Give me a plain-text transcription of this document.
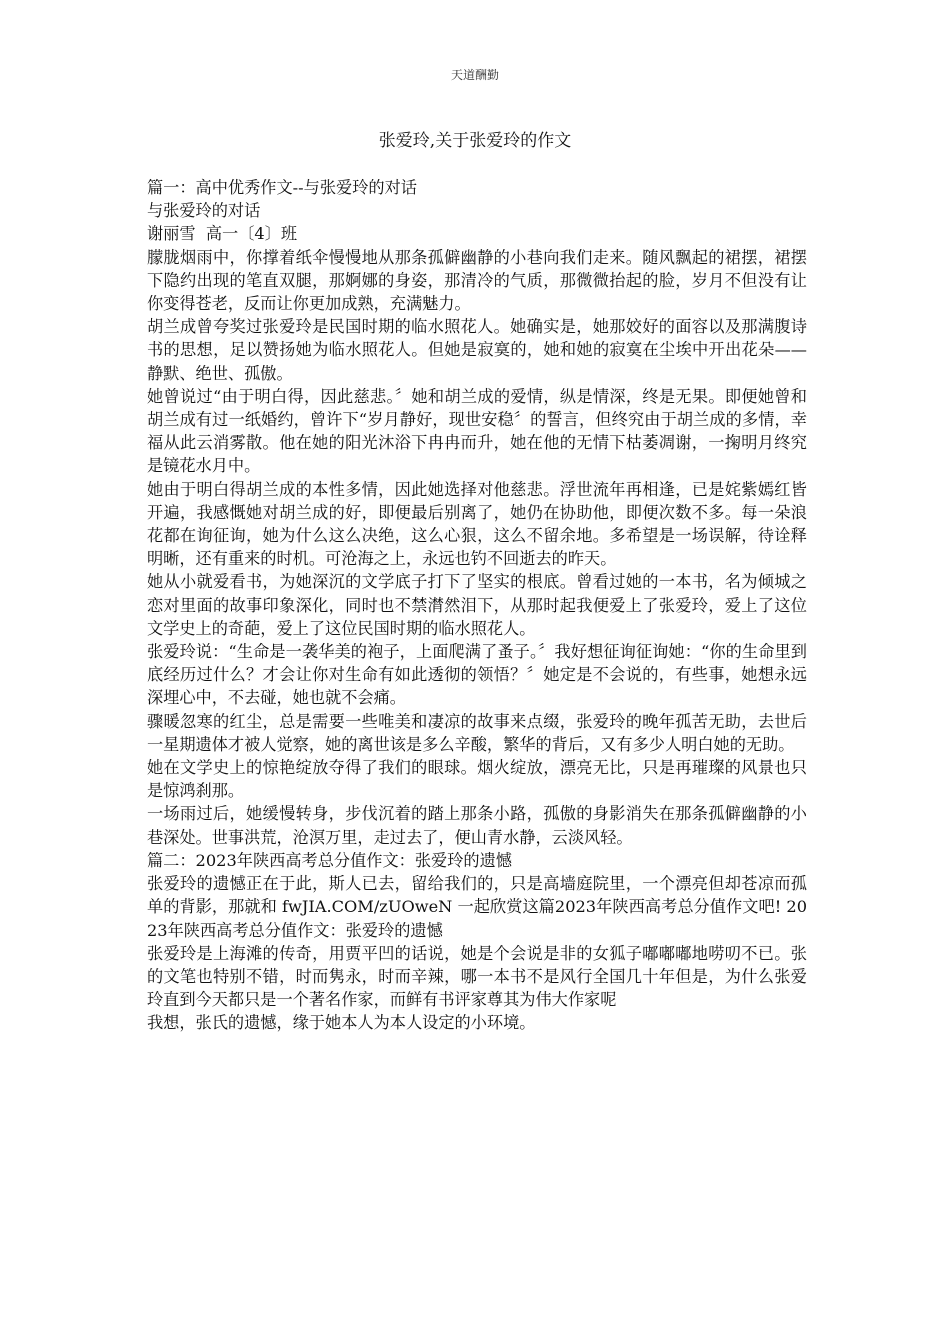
天道酬勤
张爱玲,关于张爱玲的作文

篇一：高中优秀作文--与张爱玲的对话

与张爱玲的对话

谢丽雪  高一〔4〕班

朦胧烟雨中，你撑着纸伞慢慢地从那条孤僻幽静的小巷向我们走来。随风飘起的裙摆，裙摆下隐约出现的笔直双腿，那婀娜的身姿，那清冷的气质，那微微抬起的脸，岁月不但没有让你变得苍老，反而让你更加成熟，充满魅力。

胡兰成曾夸奖过张爱玲是民国时期的临水照花人。她确实是，她那姣好的面容以及那满腹诗书的思想，足以赞扬她为临水照花人。但她是寂寞的，她和她的寂寞在尘埃中开出花朵——静默、绝世、孤傲。

她曾说过“由于明白得，因此慈悲。〞她和胡兰成的爱情，纵是情深，终是无果。即便她曾和胡兰成有过一纸婚约，曾许下“岁月静好，现世安稳〞的誓言，但终究由于胡兰成的多情，幸福从此云消雾散。他在她的阳光沐浴下冉冉而升，她在他的无情下枯萎凋谢，一掬明月终究是镜花水月中。

她由于明白得胡兰成的本性多情，因此她选择对他慈悲。浮世流年再相逢，已是姹紫嫣红皆开遍，我感慨她对胡兰成的好，即便最后别离了，她仍在协助他，即便次数不多。每一朵浪花都在询征询，她为什么这么决绝，这么心狠，这么不留余地。多希望是一场误解，待诠释明晰，还有重来的时机。可沧海之上，永远也钓不回逝去的昨天。

她从小就爱看书，为她深沉的文学底子打下了坚实的根底。曾看过她的一本书，名为倾城之恋对里面的故事印象深化，同时也不禁潸然泪下，从那时起我便爱上了张爱玲，爱上了这位文学史上的奇葩，爱上了这位民国时期的临水照花人。

张爱玲说：“生命是一袭华美的袍子，上面爬满了蚤子。〞我好想征询征询她：“你的生命里到底经历过什么？才会让你对生命有如此透彻的领悟？〞她定是不会说的，有些事，她想永远深埋心中，不去碰，她也就不会痛。

骤暖忽寒的红尘，总是需要一些唯美和凄凉的故事来点缀，张爱玲的晚年孤苦无助，去世后一星期遗体才被人觉察，她的离世该是多么辛酸，繁华的背后，又有多少人明白她的无助。

她在文学史上的惊艳绽放夺得了我们的眼球。烟火绽放，漂亮无比，只是再璀璨的风景也只是惊鸿刹那。

一场雨过后，她缓慢转身，步伐沉着的踏上那条小路，孤傲的身影消失在那条孤僻幽静的小巷深处。世事洪荒，沧溟万里，走过去了，便山青水静，云淡风轻。

篇二：2023年陕西高考总分值作文：张爱玲的遗憾

张爱玲的遗憾正在于此，斯人已去，留给我们的，只是高墙庭院里，一个漂亮但却苍凉而孤单的背影，那就和 fwJIA.COM/zUOweN 一起欣赏这篇2023年陕西高考总分值作文吧! 2023年陕西高考总分值作文：张爱玲的遗憾

张爱玲是上海滩的传奇，用贾平凹的话说，她是个会说是非的女狐子嘟嘟嘟地唠叨不已。张的文笔也特别不错，时而隽永，时而辛辣，哪一本书不是风行全国几十年但是，为什么张爱玲直到今天都只是一个著名作家，而鲜有书评家尊其为伟大作家呢

我想，张氏的遗憾，缘于她本人为本人设定的小环境。
